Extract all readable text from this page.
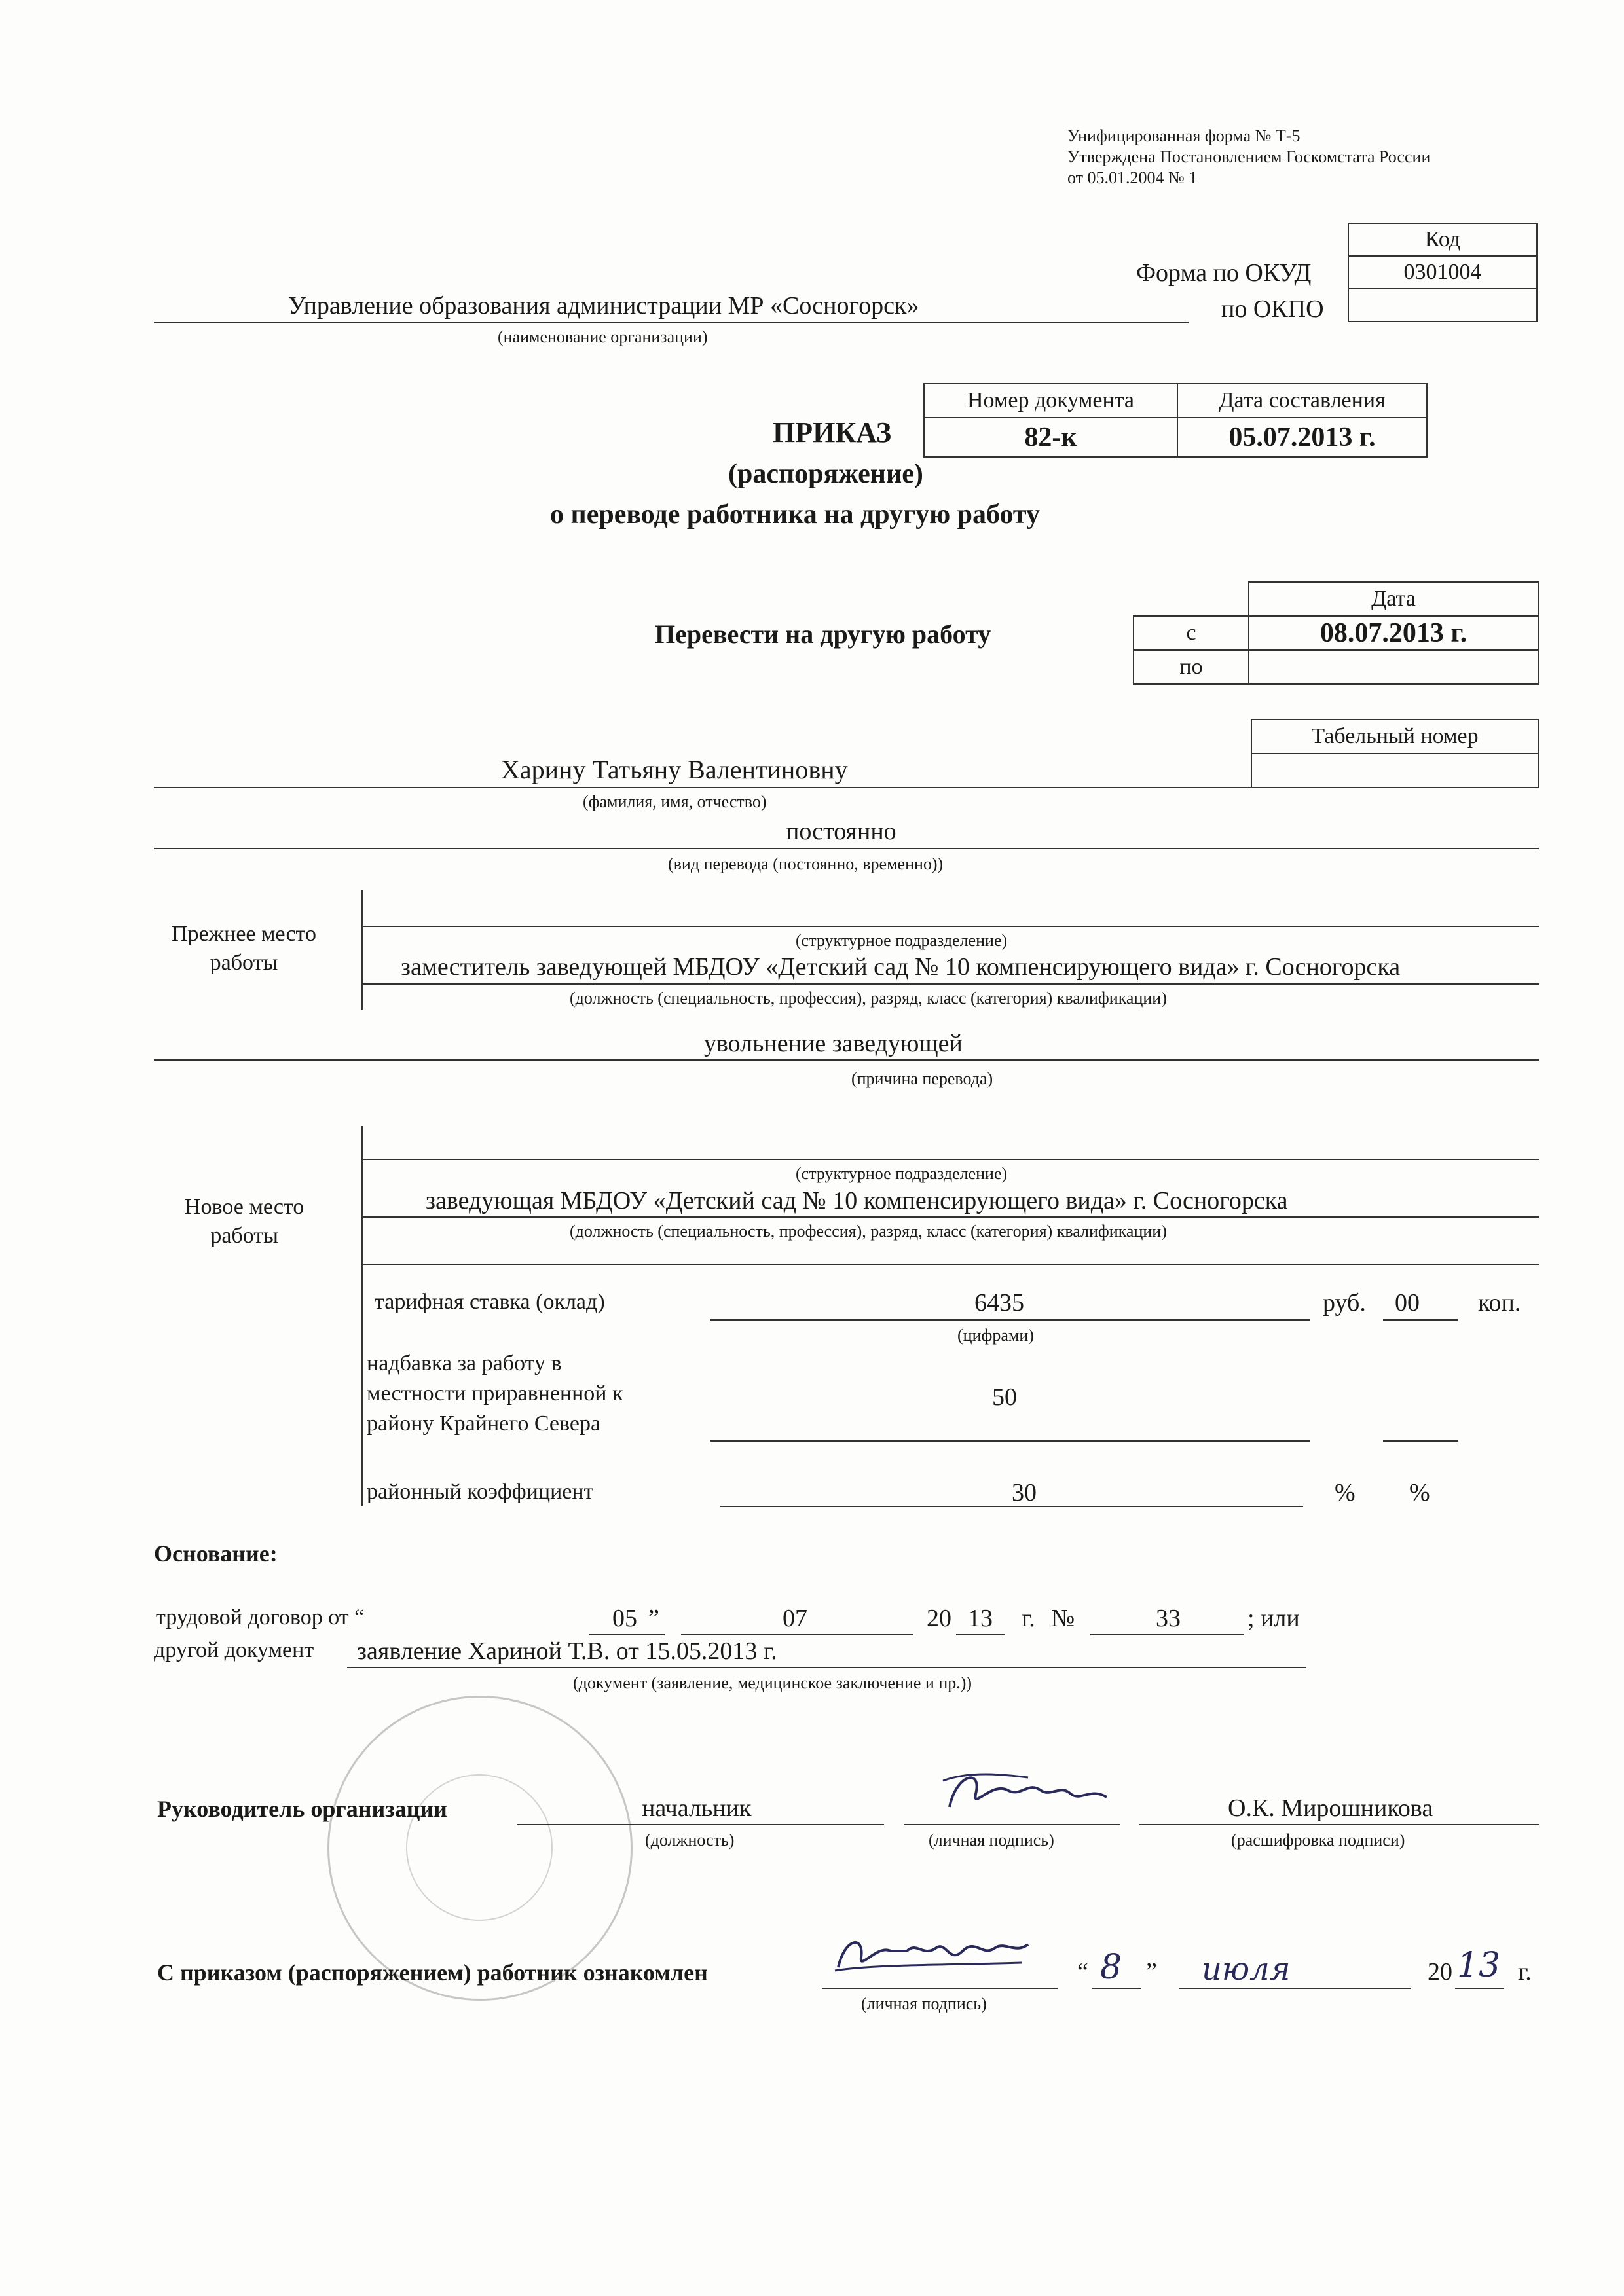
Унифицированная форма № Т-5
Утверждена Постановлением Госкомстата России
от 05.01.2004 № 1
Код
0301004

Форма по ОКУД
по ОКПО
Управление образования администрации МР «Сосногорск»
(наименование организации)
Номер документа	Дата составления
82-к	05.07.2013 г.
ПРИКАЗ
(распоряжение)
о переводе работника на другую работу
	Дата
с	08.07.2013 г.
по	
Перевести на другую работу
Табельный номер

Харину Татьяну Валентиновну
(фамилия, имя, отчество)
постоянно
(вид перевода (постоянно, временно))
Прежнее место
работы
(структурное подразделение)
заместитель заведующей МБДОУ «Детский сад № 10 компенсирующего вида» г. Сосногорска
(должность (специальность, профессия), разряд, класс (категория) квалификации)
увольнение заведующей
(причина перевода)
Новое место
работы
(структурное подразделение)
заведующая МБДОУ «Детский сад № 10 компенсирующего вида» г. Сосногорска
(должность (специальность, профессия), разряд, класс (категория) квалификации)
тарифная ставка (оклад)	6435	руб. 00 коп.
(цифрами)
надбавка за работу в
местности приравненной к
району Крайнего Севера
50
районный коэффициент	30	% %
Основание:
трудовой договор от “	05 ”	07	20 13 г. №	33	; или
другой документ заявление Хариной Т.В. от 15.05.2013 г.
(документ (заявление, медицинское заключение и пр.))
Руководитель организации	начальник
(должность)	(личная подпись)
О.К. Мирошникова
(расшифровка подписи)
С приказом (распоряжением) работник ознакомлен
(личная подпись)
“ 8 ” июля	20 13 г.
